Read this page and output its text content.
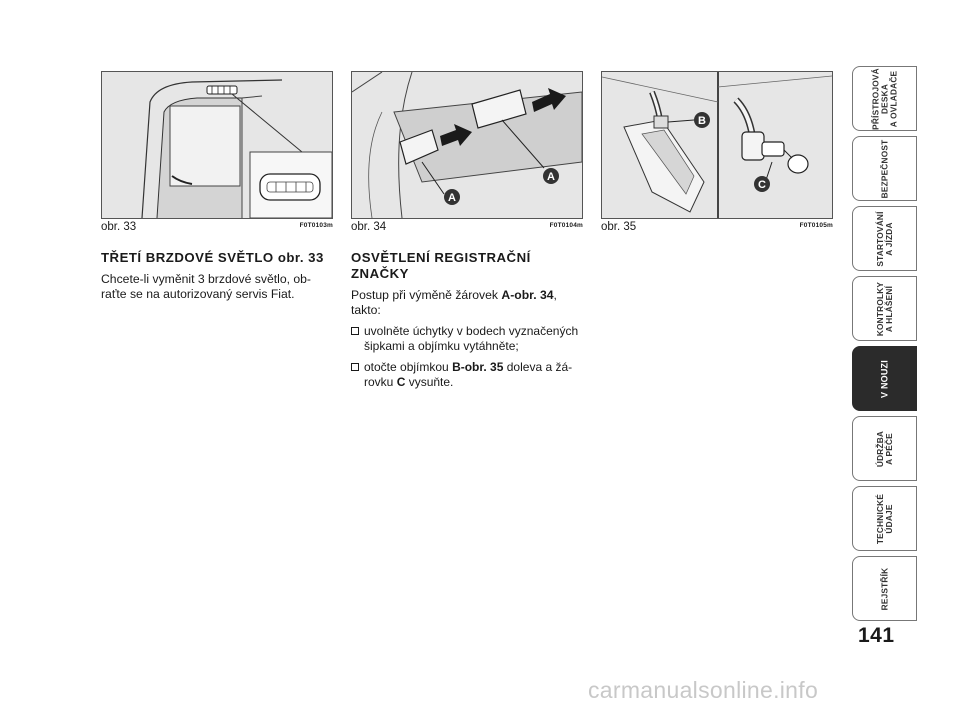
obr. 33	F0T0103m
A
A
obr. 34	F0T0104m
B
C
obr. 35	F0T0105m
TŘETÍ BRZDOVÉ SVĚTLO obr. 33

Chcete-li vyměnit 3 brzdové světlo, ob-raťte se na autorizovaný servis Fiat.

OSVĚTLENÍ REGISTRAČNÍ ZNAČKY

Postup při výměně žárovek A-obr. 34, takto:

uvolněte úchytky v bodech vyznačených šipkami a objímku vytáhněte;
otočte objímkou B-obr. 35 doleva a žá-rovku C vysuňte.
PŘÍSTROJOVÁ
DESKA
A OVLADAČE
BEZPEČNOST
STARTOVÁNÍ
A JÍZDA
KONTROLKY
A HLÁŠENÍ
V NOUZI
ÚDRŽBA
A PÉČE
TECHNICKÉ
ÚDAJE
REJSTŘÍK
141
carmanualsonline.info
